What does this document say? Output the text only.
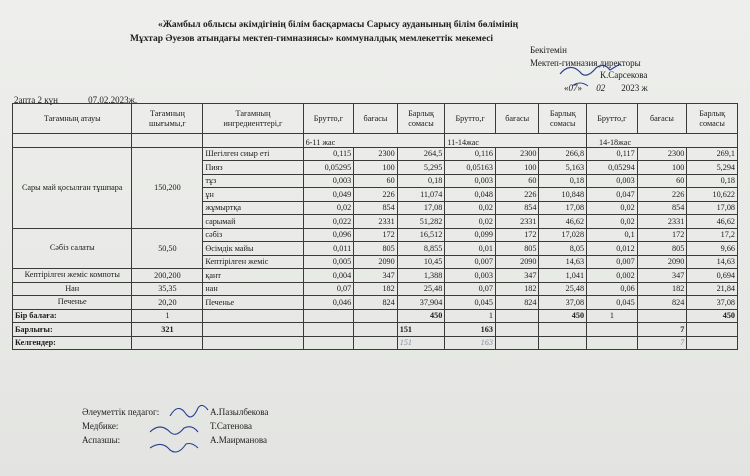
«Жамбыл облысы әкімдігінің білім басқармасы Сарысу ауданының білім бөлімінің
Мұхтар Әуезов атындағы мектеп-гимназиясы» коммуналдық мемлекеттік мекемесі
Бекітемін
Мектеп-гимназия директоры
К.Сарсекова
«07» 02 2023 ж
2апта 2 күн	07.02.2023ж.
Тағамның атауы	Тағамның шығымы,г	Тағамның ингредиенттері,г	Брутто,г	бағасы	Барлық сомасы	Брутто,г	бағасы	Барлық сомасы	Брутто,г	бағасы	Барлық сомасы
			6-11 жас			11-14жас			14-18жас		
Сары май қосылған тұшпара	150,200	Шегілген сиыр еті	0,115	2300	264,5	0,116	2300	266,8	0,117	2300	269,1
		Пияз	0,05295	100	5,295	0,05163	100	5,163	0,05294	100	5,294
		тұз	0,003	60	0,18	0,003	60	0,18	0,003	60	0,18
		ұн	0,049	226	11,074	0,048	226	10,848	0,047	226	10,622
		жұмыртқа	0,02	854	17,08	0,02	854	17,08	0,02	854	17,08
		сарымай	0,022	2331	51,282	0,02	2331	46,62	0,02	2331	46,62
Сәбіз салаты	50,50	сәбіз	0,096	172	16,512	0,099	172	17,028	0,1	172	17,2
		Өсімдік майы	0,011	805	8,855	0,01	805	8,05	0,012	805	9,66
		Кептірілген жеміс	0,005	2090	10,45	0,007	2090	14,63	0,007	2090	14,63
Кептірілген жеміс компоты	200,200	қант	0,004	347	1,388	0,003	347	1,041	0,002	347	0,694
Нан	35,35	нан	0,07	182	25,48	0,07	182	25,48	0,06	182	21,84
Печенье	20,20	Печенье	0,046	824	37,904	0,045	824	37,08	0,045	824	37,08
Бір балаға:	1				450	1		450	1		450
Барлығы:	321				151	163				7	
Келгендер:					151	163				7	
Әлеуметтік педагог:	А.Пазылбекова
Медбике:	Т.Сатенова
Аспазшы:	А.Маирманова
